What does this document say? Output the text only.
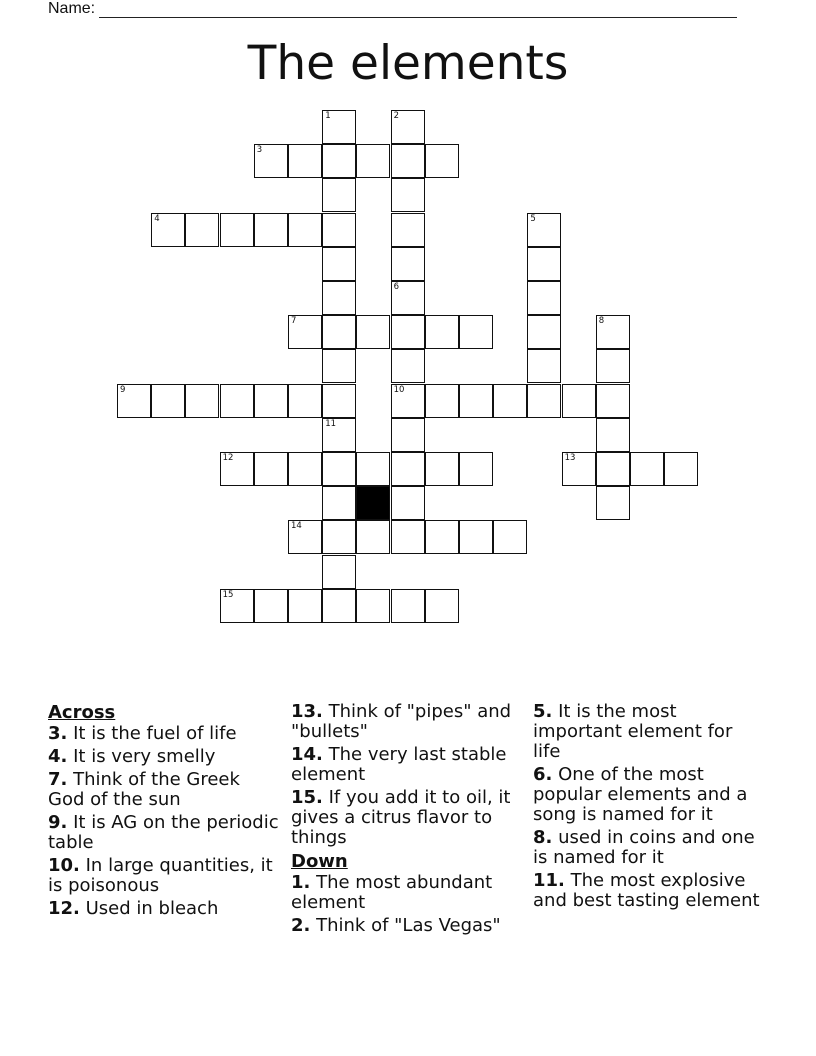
Name:
The elements
3
4
7
9	10
12	13
14
15
1	2
5
6
8
11
Across
3. It is the fuel of life
4. It is very smelly
7. Think of the Greek God of the sun
9. It is AG on the periodic table
10. In large quantities, it is poisonous
12. Used in bleach
13. Think of "pipes" and "bullets"
14. The very last stable element
15. If you add it to oil, it gives a citrus flavor to things
Down
1. The most abundant element
2. Think of "Las Vegas"
5. It is the most important element for life
6. One of the most popular elements and a song is named for it
8. used in coins and one is named for it
11. The most explosive and best tasting element
